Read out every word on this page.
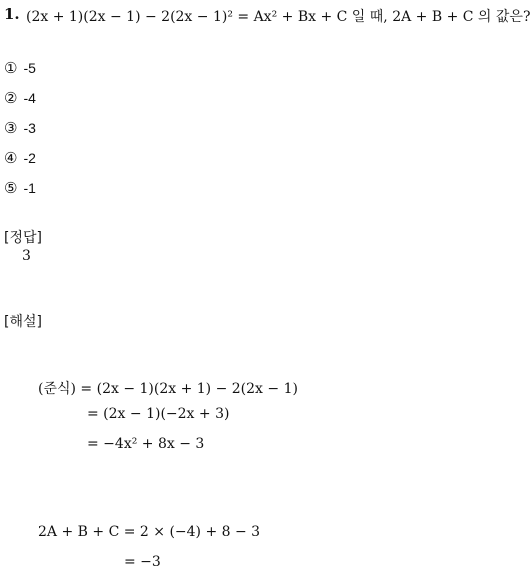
1. (2x + 1)(2x − 1) − 2(2x − 1)² = Ax² + Bx + C 일 때, 2A + B + C 의 값은?
① -5
② -4
③ -3
④ -2
⑤ -1
[정답]
3
[해설]
(준식) = (2x − 1)(2x + 1) − 2(2x − 1)
= (2x − 1)(−2x + 3)
= −4x² + 8x − 3
2A + B + C = 2 × (−4) + 8 − 3
= −3
